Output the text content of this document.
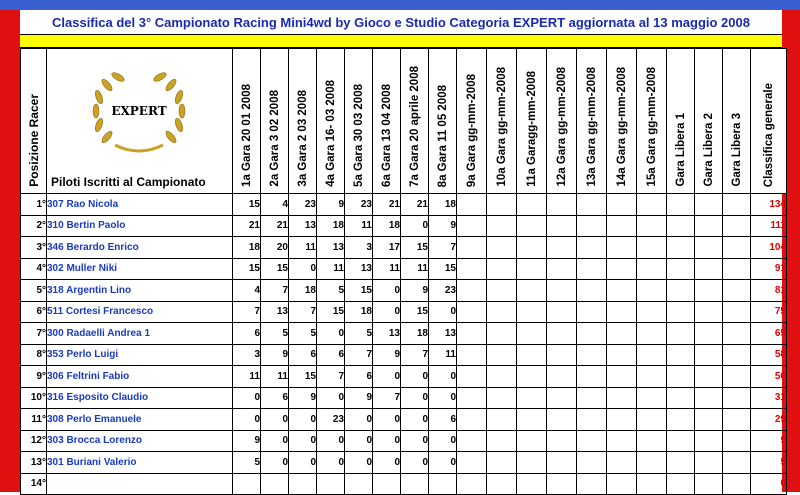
Classifica del 3° Campionato Racing Mini4wd by Gioco e Studio Categoria EXPERT aggiornata al 13 maggio 2008
Posizione Racer	EXPERT
Piloti Iscritti al Campionato	1a Gara 20 01 2008	2a Gara 3 02 2008	3a Gara 2 03 2008	4a Gara 16- 03 2008	5a Gara 30 03 2008	6a Gara 13 04 2008	7a Gara 20 aprile 2008	8a Gara 11 05 2008	9a Gara gg-mm-2008	10a Gara gg-mm-2008	11a Garagg-mm-2008	12a Gara gg-mm-2008	13a Gara gg-mm-2008	14a Gara gg-mm-2008	15a Gara gg-mm-2008	Gara Libera 1	Gara Libera 2	Gara Libera 3	Classifica generale

1°	307 Rao Nicola	15	4	23	9	23	21	21	18											134
2°	310 Bertin Paolo	21	21	13	18	11	18	0	9											111
3°	346 Berardo Enrico	18	20	11	13	3	17	15	7											104
4°	302 Muller Niki	15	15	0	11	13	11	11	15											91
5°	318 Argentin Lino	4	7	18	5	15	0	9	23											81
6°	511 Cortesi Francesco	7	13	7	15	18	0	15	0											75
7°	300 Radaelli Andrea 1	6	5	5	0	5	13	18	13											65
8°	353 Perlo Luigi	3	9	6	6	7	9	7	11											58
9°	306 Feltrini Fabio	11	11	15	7	6	0	0	0											50
10°	316 Esposito Claudio	0	6	9	0	9	7	0	0											31
11°	308 Perlo Emanuele	0	0	0	23	0	0	0	6											29
12°	303 Brocca Lorenzo	9	0	0	0	0	0	0	0											9
13°	301 Buriani Valerio	5	0	0	0	0	0	0	0											5
14°																				0
